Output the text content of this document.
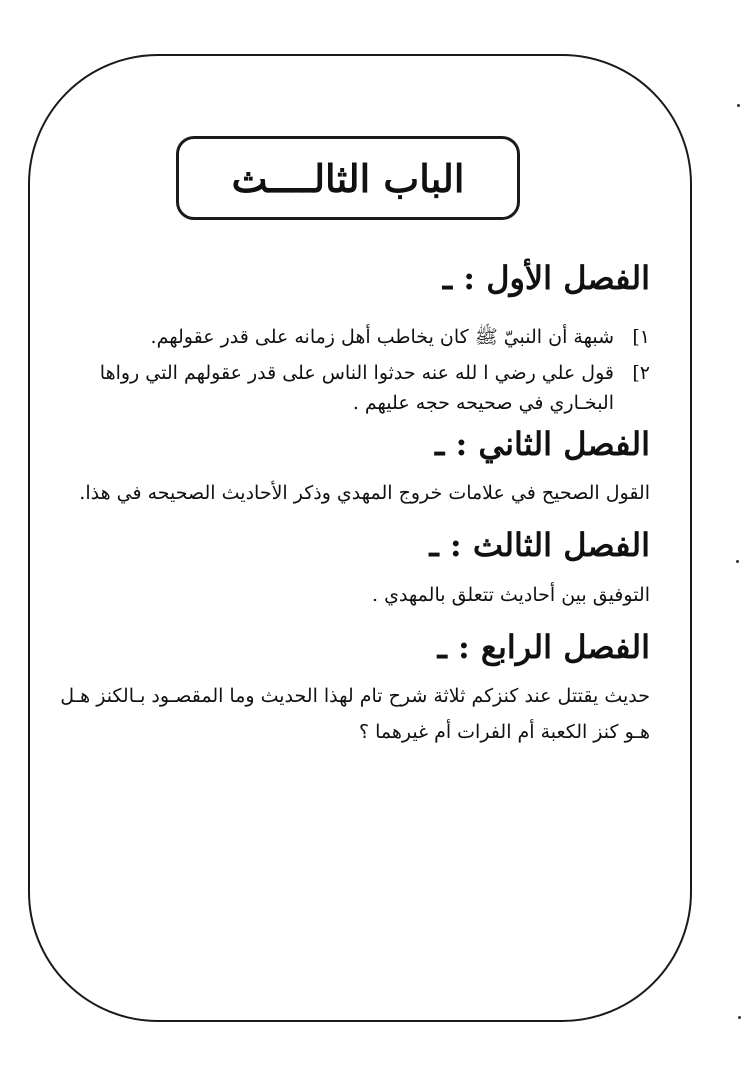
الباب الثالــــث
الفصل الأول : ـ
١]
شبهة أن النبيّ ﷺ كان يخاطب أهل زمانه على قدر عقولهم.
٢]
قول علي رضي ا لله عنه حدثوا الناس على قدر عقولهم التي رواها البخـاري في صحيحه حجه عليهم .
الفصل الثاني : ـ
القول الصحيح في علامات خروج المهدي وذكر الأحاديث الصحيحه في هذا.
الفصل الثالث : ـ
التوفيق بين أحاديث تتعلق بالمهدي .
الفصل الرابع : ـ
حديث يقتتل عند كنزكم ثلاثة شرح تام لهذا الحديث وما المقصـود بـالكنز هـل هـو كنز الكعبة أم الفرات أم غيرهما ؟
